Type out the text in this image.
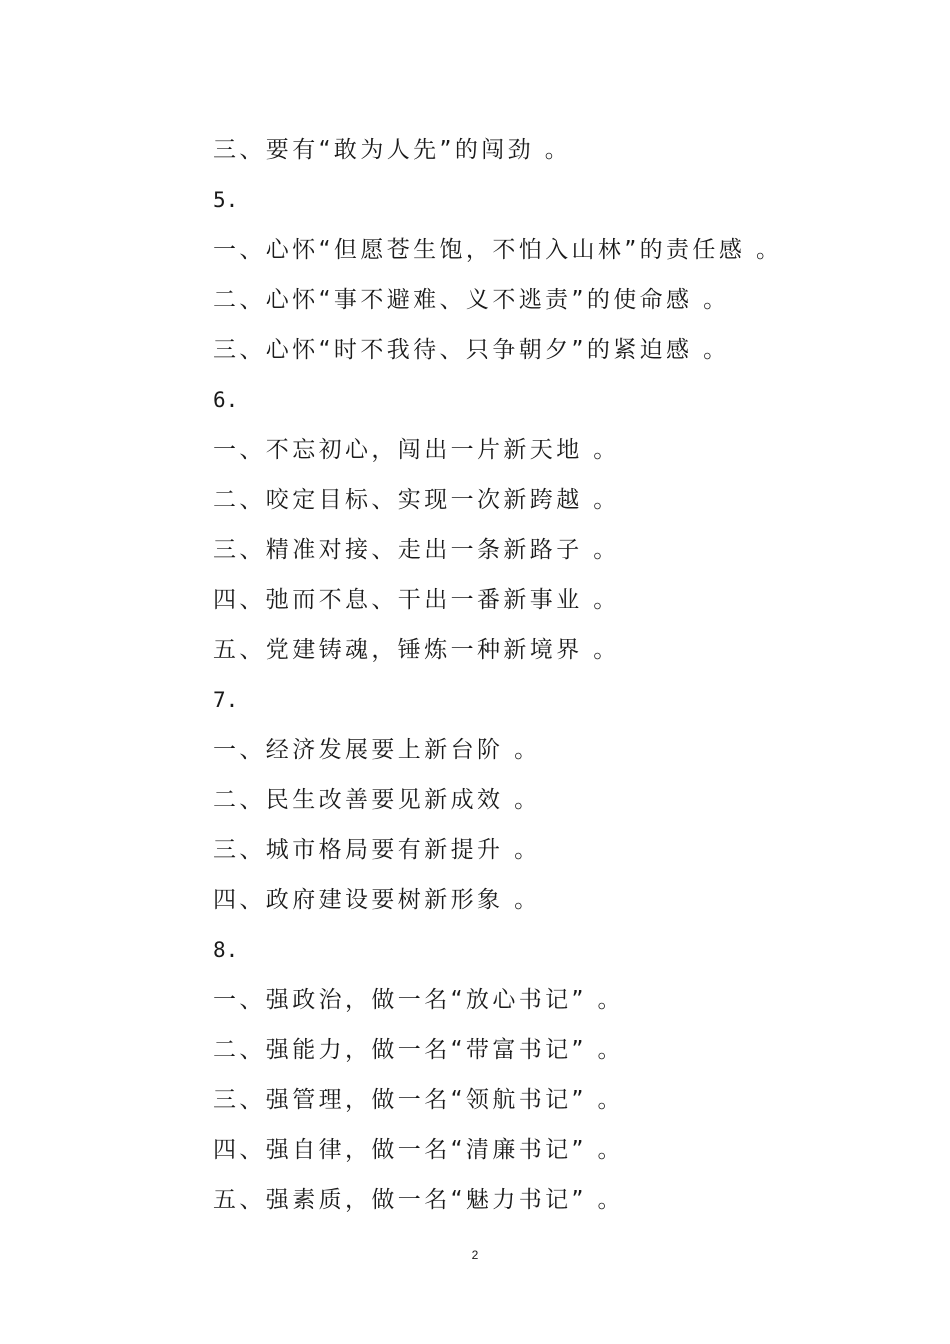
三、要有“敢为人先”的闯劲 。
5.
一、心怀“但愿苍生饱，不怕入山林”的责任感 。
二、心怀“事不避难、义不逃责”的使命感 。
三、心怀“时不我待、只争朝夕”的紧迫感 。
6.
一、不忘初心，闯出一片新天地 。
二、咬定目标、实现一次新跨越 。
三、精准对接、走出一条新路子 。
四、弛而不息、干出一番新事业 。
五、党建铸魂，锤炼一种新境界 。
7.
一、经济发展要上新台阶 。
二、民生改善要见新成效 。
三、城市格局要有新提升 。
四、政府建设要树新形象 。
8.
一、强政治，做一名“放心书记” 。
二、强能力，做一名“带富书记” 。
三、强管理，做一名“领航书记” 。
四、强自律，做一名“清廉书记” 。
五、强素质，做一名“魅力书记” 。
2
